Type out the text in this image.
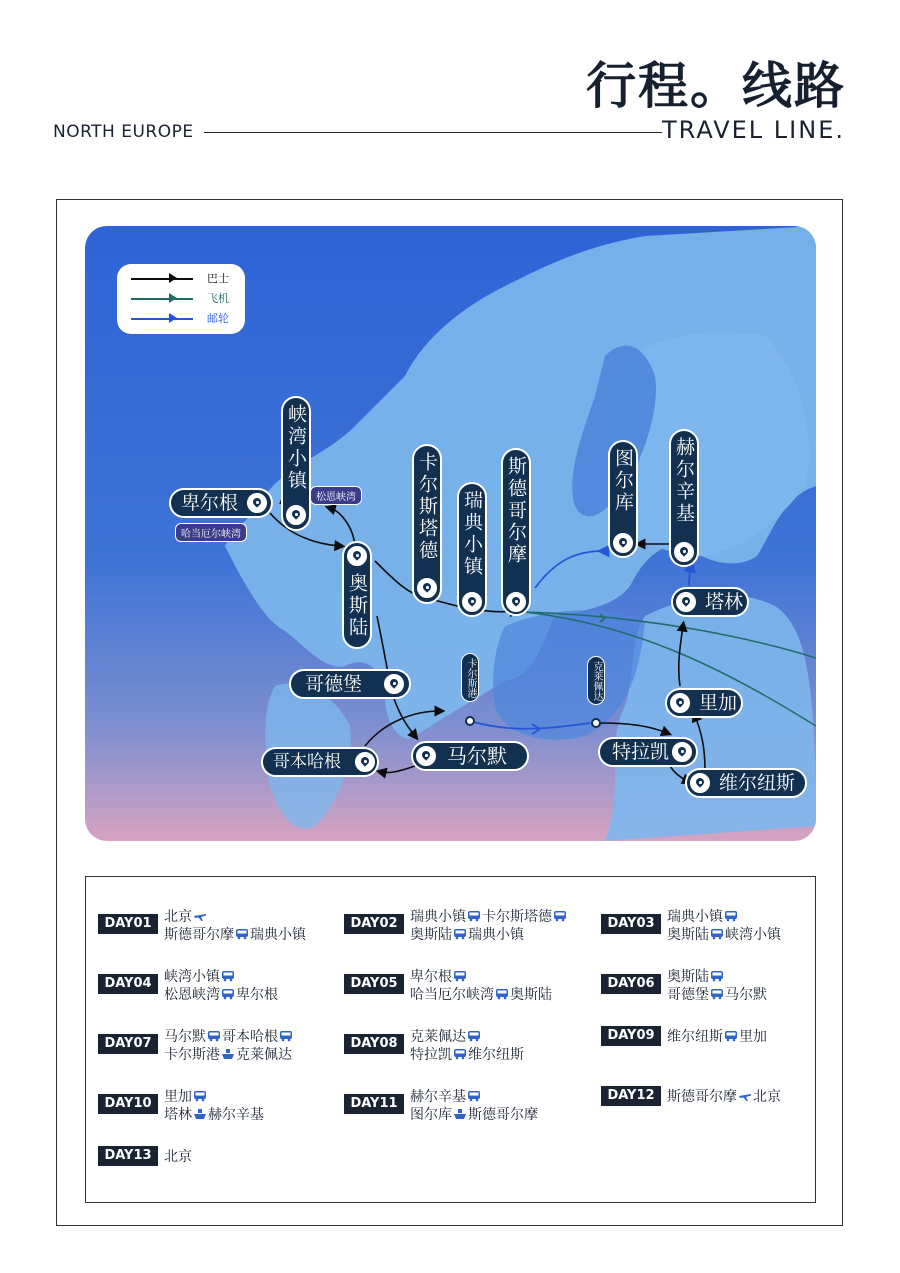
行程。线路
NORTH EUROPE	TRAVEL LINE.
巴士
飞机
邮轮
峡湾小镇
卡尔斯塔德 瑞典小镇 斯德哥尔摩	图尔库 赫尔辛基
奥斯陆
卑尔根
哥德堡
哥本哈根	马尔默
塔林
里加
特拉凯
维尔纽斯
卡尔斯港	克莱佩达
松恩峡湾
哈当厄尔峡湾
DAY01 北京
斯德哥尔摩 瑞典小镇
DAY02 瑞典小镇 卡尔斯塔德
奥斯陆 瑞典小镇
DAY03 瑞典小镇
奥斯陆 峡湾小镇
DAY04 峡湾小镇
松恩峡湾 卑尔根
DAY05 卑尔根
哈当厄尔峡湾 奥斯陆
DAY06 奥斯陆
哥德堡 马尔默
DAY07 马尔默 哥本哈根
卡尔斯港 克莱佩达
DAY08 克莱佩达
特拉凯 维尔纽斯
DAY09 维尔纽斯 里加
DAY10 里加
塔林 赫尔辛基
DAY11 赫尔辛基
图尔库 斯德哥尔摩
DAY12 斯德哥尔摩 北京
DAY13 北京
